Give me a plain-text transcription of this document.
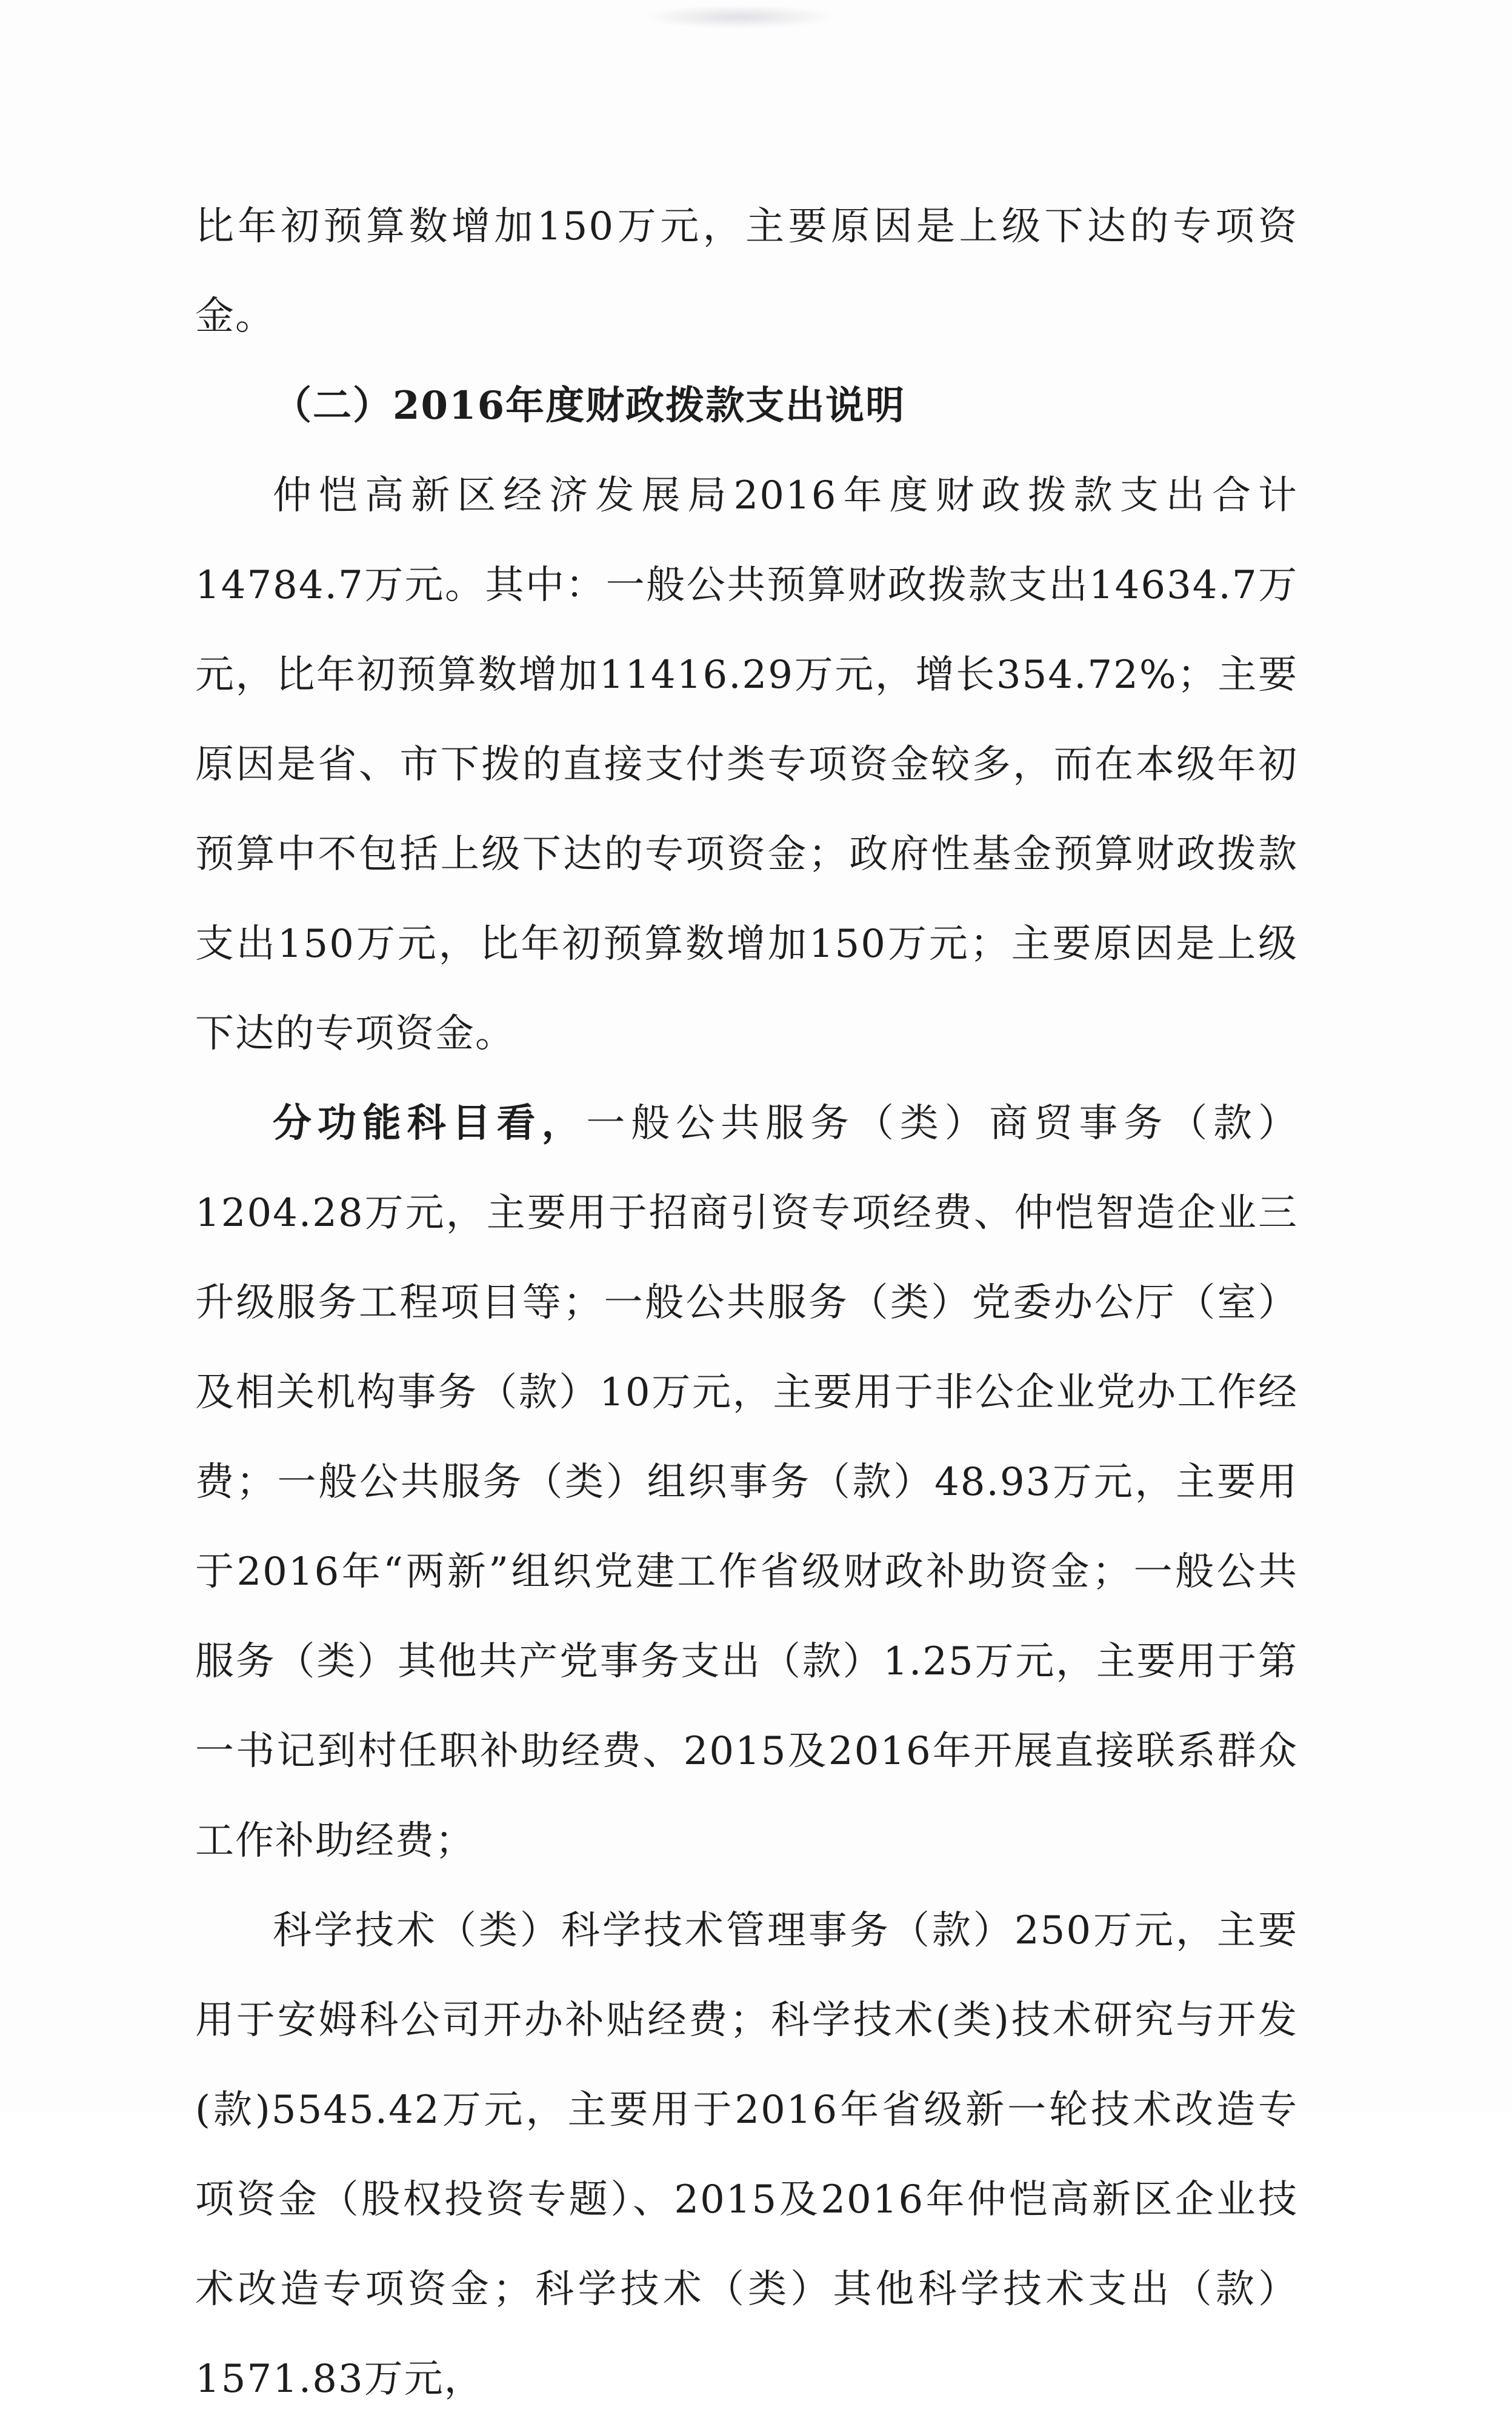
比年初预算数增加150万元，主要原因是上级下达的专项资金。

（二）2016年度财政拨款支出说明

仲恺高新区经济发展局2016年度财政拨款支出合计14784.7万元。其中：一般公共预算财政拨款支出14634.7万元，比年初预算数增加11416.29万元，增长354.72%；主要原因是省、市下拨的直接支付类专项资金较多，而在本级年初预算中不包括上级下达的专项资金；政府性基金预算财政拨款支出150万元，比年初预算数增加150万元；主要原因是上级下达的专项资金。

分功能科目看，一般公共服务（类）商贸事务（款）1204.28万元，主要用于招商引资专项经费、仲恺智造企业三升级服务工程项目等；一般公共服务（类）党委办公厅（室）及相关机构事务（款）10万元，主要用于非公企业党办工作经费；一般公共服务（类）组织事务（款）48.93万元，主要用于2016年“两新”组织党建工作省级财政补助资金；一般公共服务（类）其他共产党事务支出（款）1.25万元，主要用于第一书记到村任职补助经费、2015及2016年开展直接联系群众工作补助经费；

科学技术（类）科学技术管理事务（款）250万元，主要用于安姆科公司开办补贴经费；科学技术(类)技术研究与开发(款)5545.42万元，主要用于2016年省级新一轮技术改造专项资金（股权投资专题）、2015及2016年仲恺高新区企业技术改造专项资金；科学技术（类）其他科学技术支出（款）1571.83万元，
